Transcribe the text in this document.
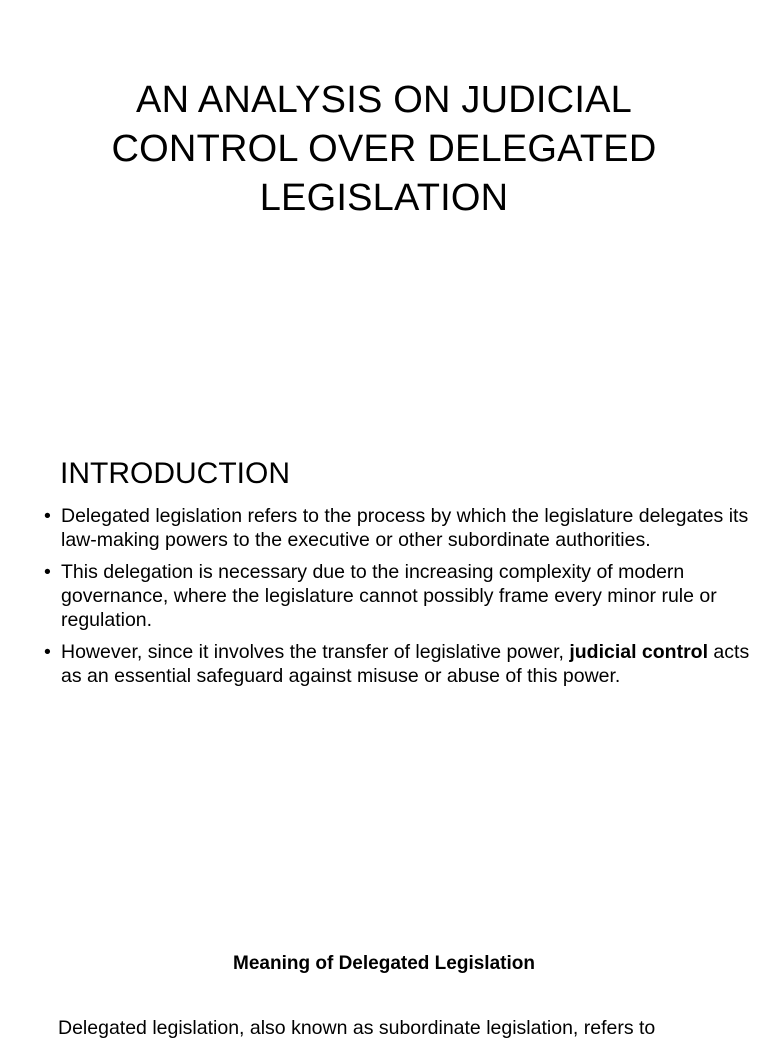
AN ANALYSIS ON JUDICIAL CONTROL OVER DELEGATED LEGISLATION
INTRODUCTION
• Delegated legislation refers to the process by which the legislature delegates its law-making powers to the executive or other subordinate authorities.
• This delegation is necessary due to the increasing complexity of modern governance, where the legislature cannot possibly frame every minor rule or regulation.
• However, since it involves the transfer of legislative power, judicial control acts as an essential safeguard against misuse or abuse of this power.
Meaning of Delegated Legislation
Delegated legislation, also known as subordinate legislation, refers to
